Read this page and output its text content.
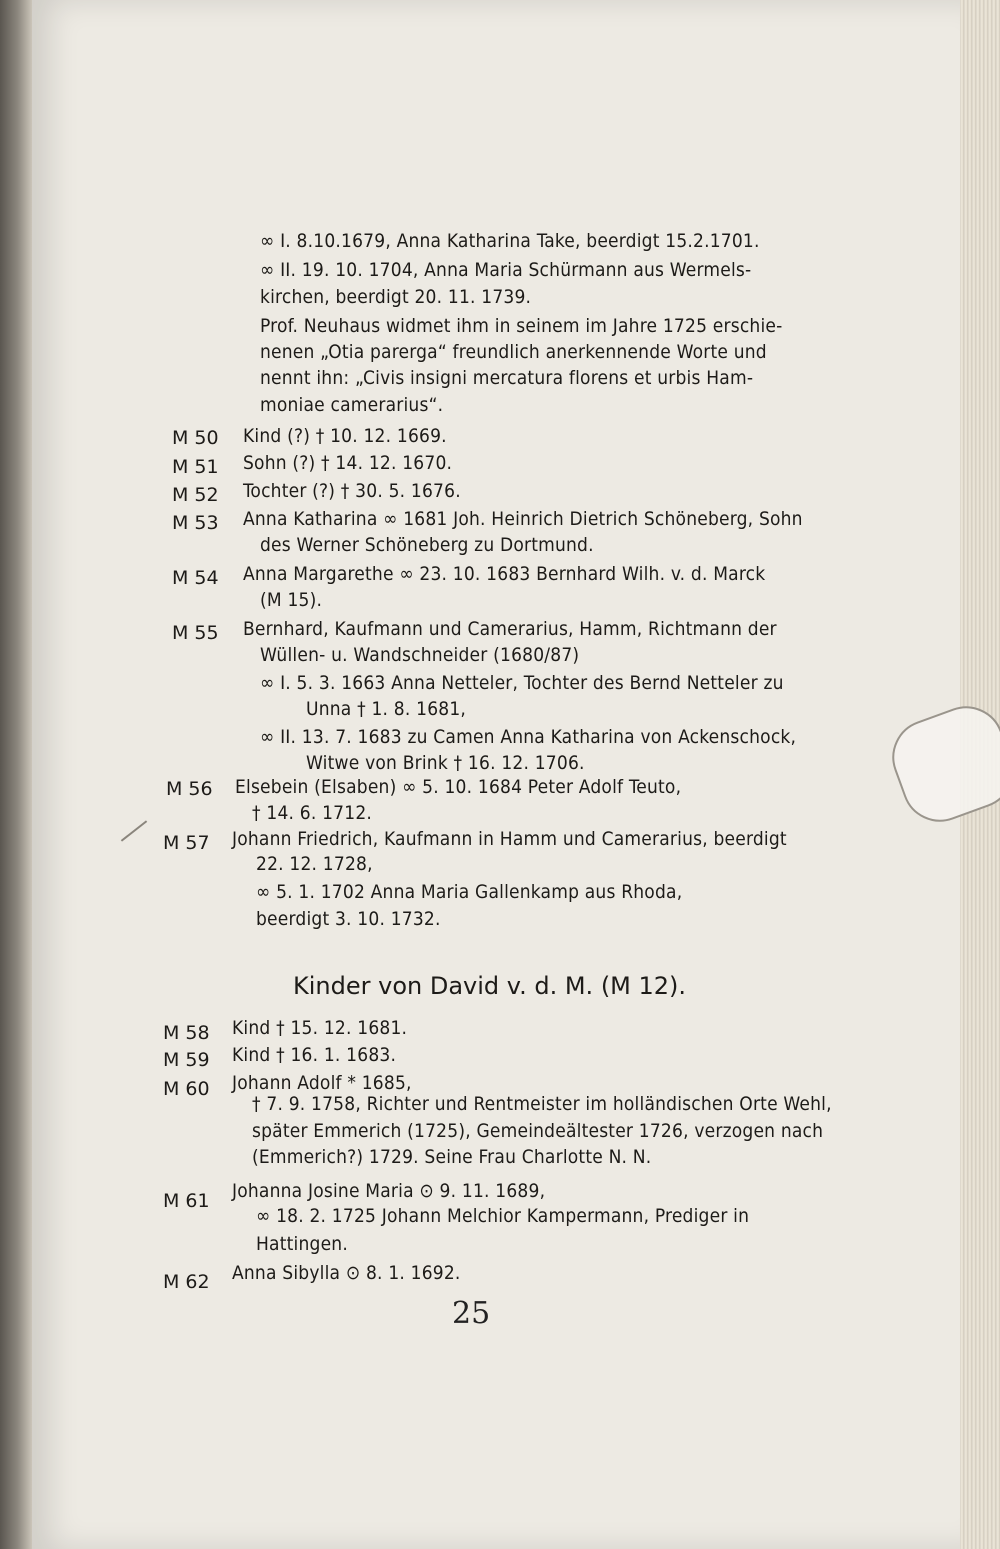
∞ I. 8.10.1679, Anna Katharina Take, beerdigt 15.2.1701.
∞ II. 19. 10. 1704, Anna Maria Schürmann aus Wermels-
kirchen, beerdigt 20. 11. 1739.
Prof. Neuhaus widmet ihm in seinem im Jahre 1725 erschie-
nenen „Otia parerga“ freundlich anerkennende Worte und
nennt ihn: „Civis insigni mercatura florens et urbis Ham-
moniae camerarius“.
M 50 Kind (?) † 10. 12. 1669.
M 51 Sohn (?) † 14. 12. 1670.
M 52 Tochter (?) † 30. 5. 1676.
M 53 Anna Katharina ∞ 1681 Joh. Heinrich Dietrich Schöneberg, Sohn
des Werner Schöneberg zu Dortmund.
M 54 Anna Margarethe ∞ 23. 10. 1683 Bernhard Wilh. v. d. Marck
(M 15).
M 55 Bernhard, Kaufmann und Camerarius, Hamm, Richtmann der
Wüllen- u. Wandschneider (1680/87)
∞ I. 5. 3. 1663 Anna Netteler, Tochter des Bernd Netteler zu
Unna † 1. 8. 1681,
∞ II. 13. 7. 1683 zu Camen Anna Katharina von Ackenschock,
Witwe von Brink † 16. 12. 1706.
M 56 Elsebein (Elsaben) ∞ 5. 10. 1684 Peter Adolf Teuto,
† 14. 6. 1712.
M 57 Johann Friedrich, Kaufmann in Hamm und Camerarius, beerdigt
22. 12. 1728,
∞ 5. 1. 1702 Anna Maria Gallenkamp aus Rhoda,
beerdigt 3. 10. 1732.
Kinder von David v. d. M. (M 12).
M 58 Kind † 15. 12. 1681.
M 59 Kind † 16. 1. 1683.
M 60 Johann Adolf * 1685,
† 7. 9. 1758, Richter und Rentmeister im holländischen Orte Wehl,
später Emmerich (1725), Gemeindeältester 1726, verzogen nach
(Emmerich?) 1729. Seine Frau Charlotte N. N.
M 61 Johanna Josine Maria ⊙ 9. 11. 1689,
∞ 18. 2. 1725 Johann Melchior Kampermann, Prediger in
Hattingen.
M 62 Anna Sibylla ⊙ 8. 1. 1692.
25
